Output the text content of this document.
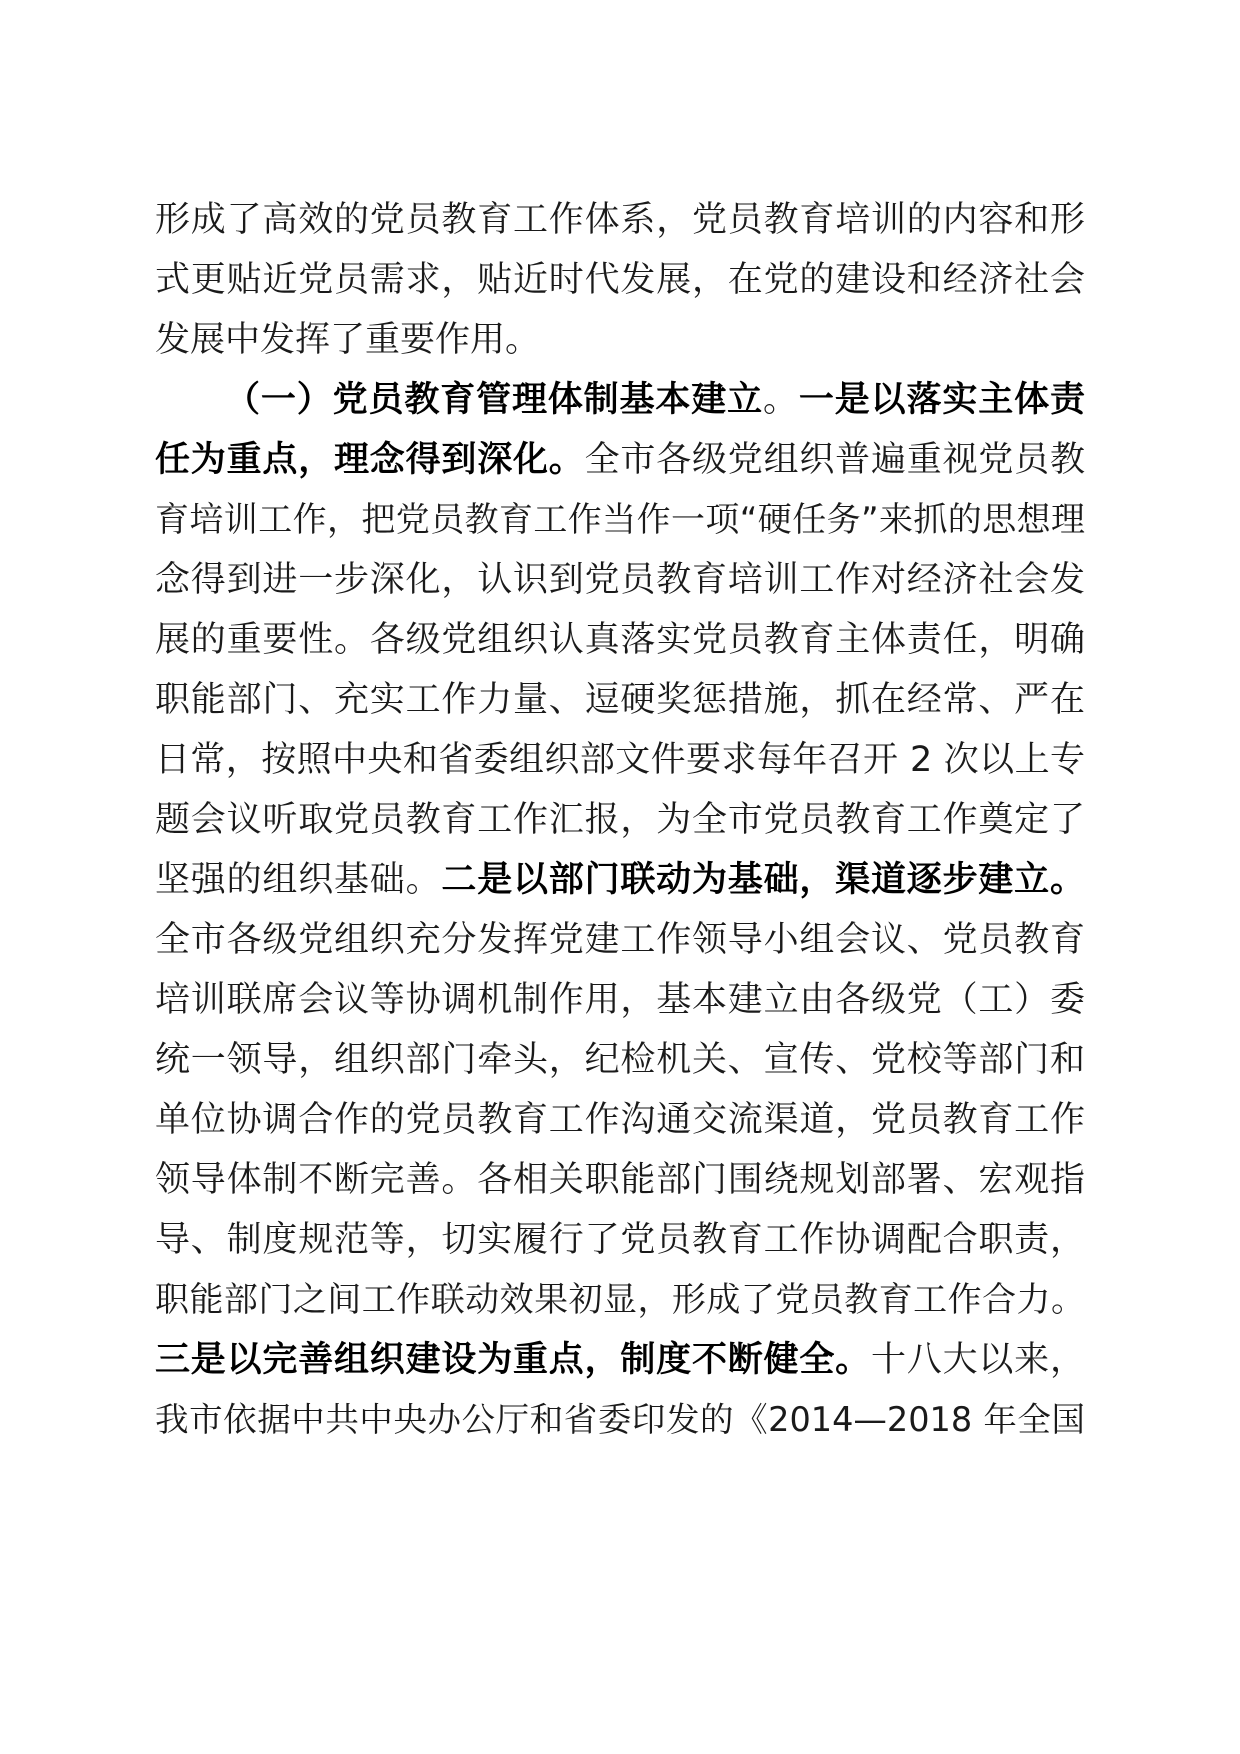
形成了高效的党员教育工作体系，党员教育培训的内容和形
式更贴近党员需求，贴近时代发展，在党的建设和经济社会
发展中发挥了重要作用。
（一）党员教育管理体制基本建立。一是以落实主体责
任为重点，理念得到深化。全市各级党组织普遍重视党员教
育培训工作，把党员教育工作当作一项“硬任务”来抓的思想理
念得到进一步深化，认识到党员教育培训工作对经济社会发
展的重要性。各级党组织认真落实党员教育主体责任，明确
职能部门、充实工作力量、逗硬奖惩措施，抓在经常、严在
日常，按照中央和省委组织部文件要求每年召开 2 次以上专
题会议听取党员教育工作汇报，为全市党员教育工作奠定了
坚强的组织基础。二是以部门联动为基础，渠道逐步建立。
全市各级党组织充分发挥党建工作领导小组会议、党员教育
培训联席会议等协调机制作用，基本建立由各级党（工）委
统一领导，组织部门牵头，纪检机关、宣传、党校等部门和
单位协调合作的党员教育工作沟通交流渠道，党员教育工作
领导体制不断完善。各相关职能部门围绕规划部署、宏观指
导、制度规范等，切实履行了党员教育工作协调配合职责，
职能部门之间工作联动效果初显，形成了党员教育工作合力。
三是以完善组织建设为重点，制度不断健全。十八大以来，
我市依据中共中央办公厅和省委印发的《2014—2018 年全国
